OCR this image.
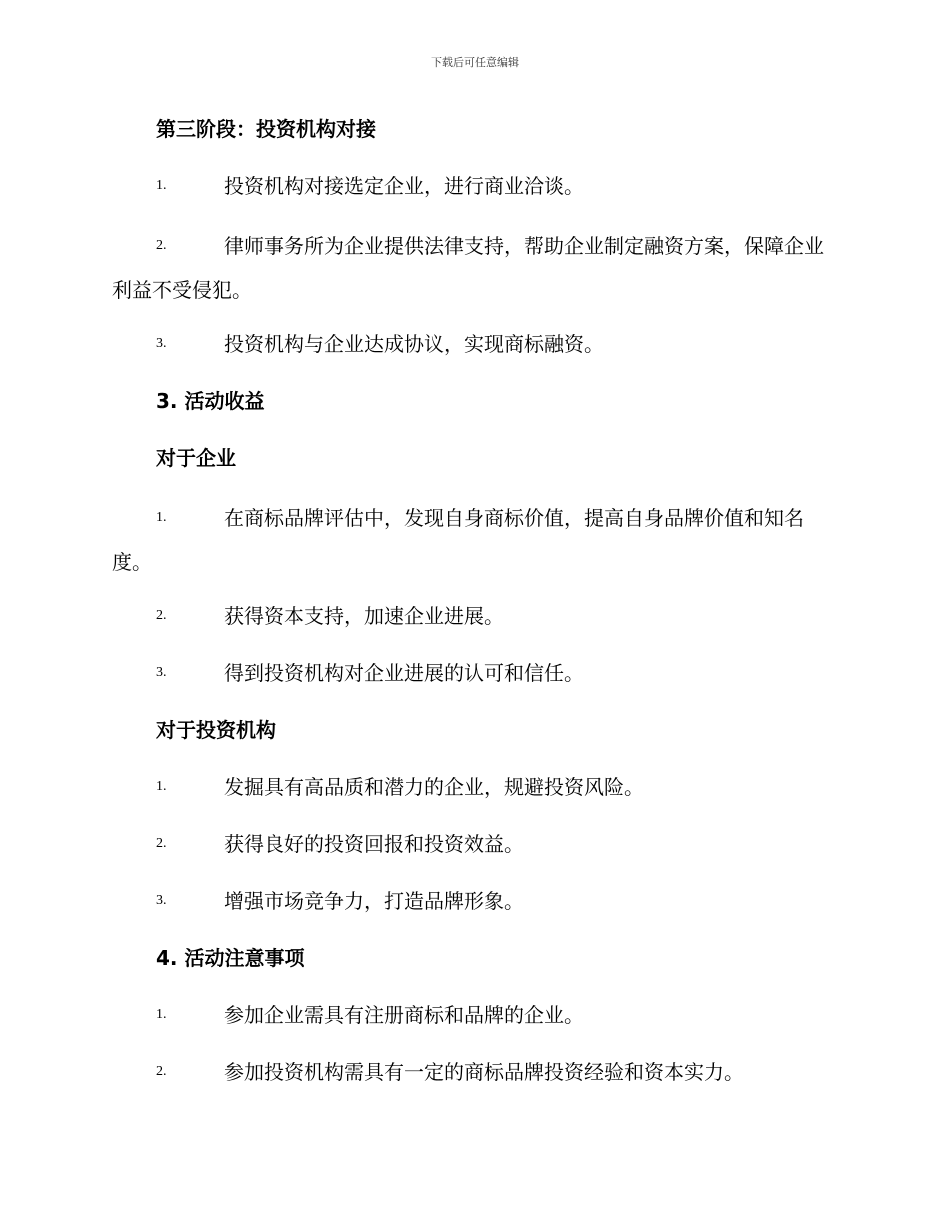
下载后可任意编辑
第三阶段：投资机构对接
1.	投资机构对接选定企业，进行商业洽谈。
2.	律师事务所为企业提供法律支持，帮助企业制定融资方案，保障企业利益不受侵犯。
3.	投资机构与企业达成协议，实现商标融资。
3. 活动收益
对于企业
1.	在商标品牌评估中，发现自身商标价值，提高自身品牌价值和知名度。
2.	获得资本支持，加速企业进展。
3.	得到投资机构对企业进展的认可和信任。
对于投资机构
1.	发掘具有高品质和潜力的企业，规避投资风险。
2.	获得良好的投资回报和投资效益。
3.	增强市场竞争力，打造品牌形象。
4. 活动注意事项
1.	参加企业需具有注册商标和品牌的企业。
2.	参加投资机构需具有一定的商标品牌投资经验和资本实力。
